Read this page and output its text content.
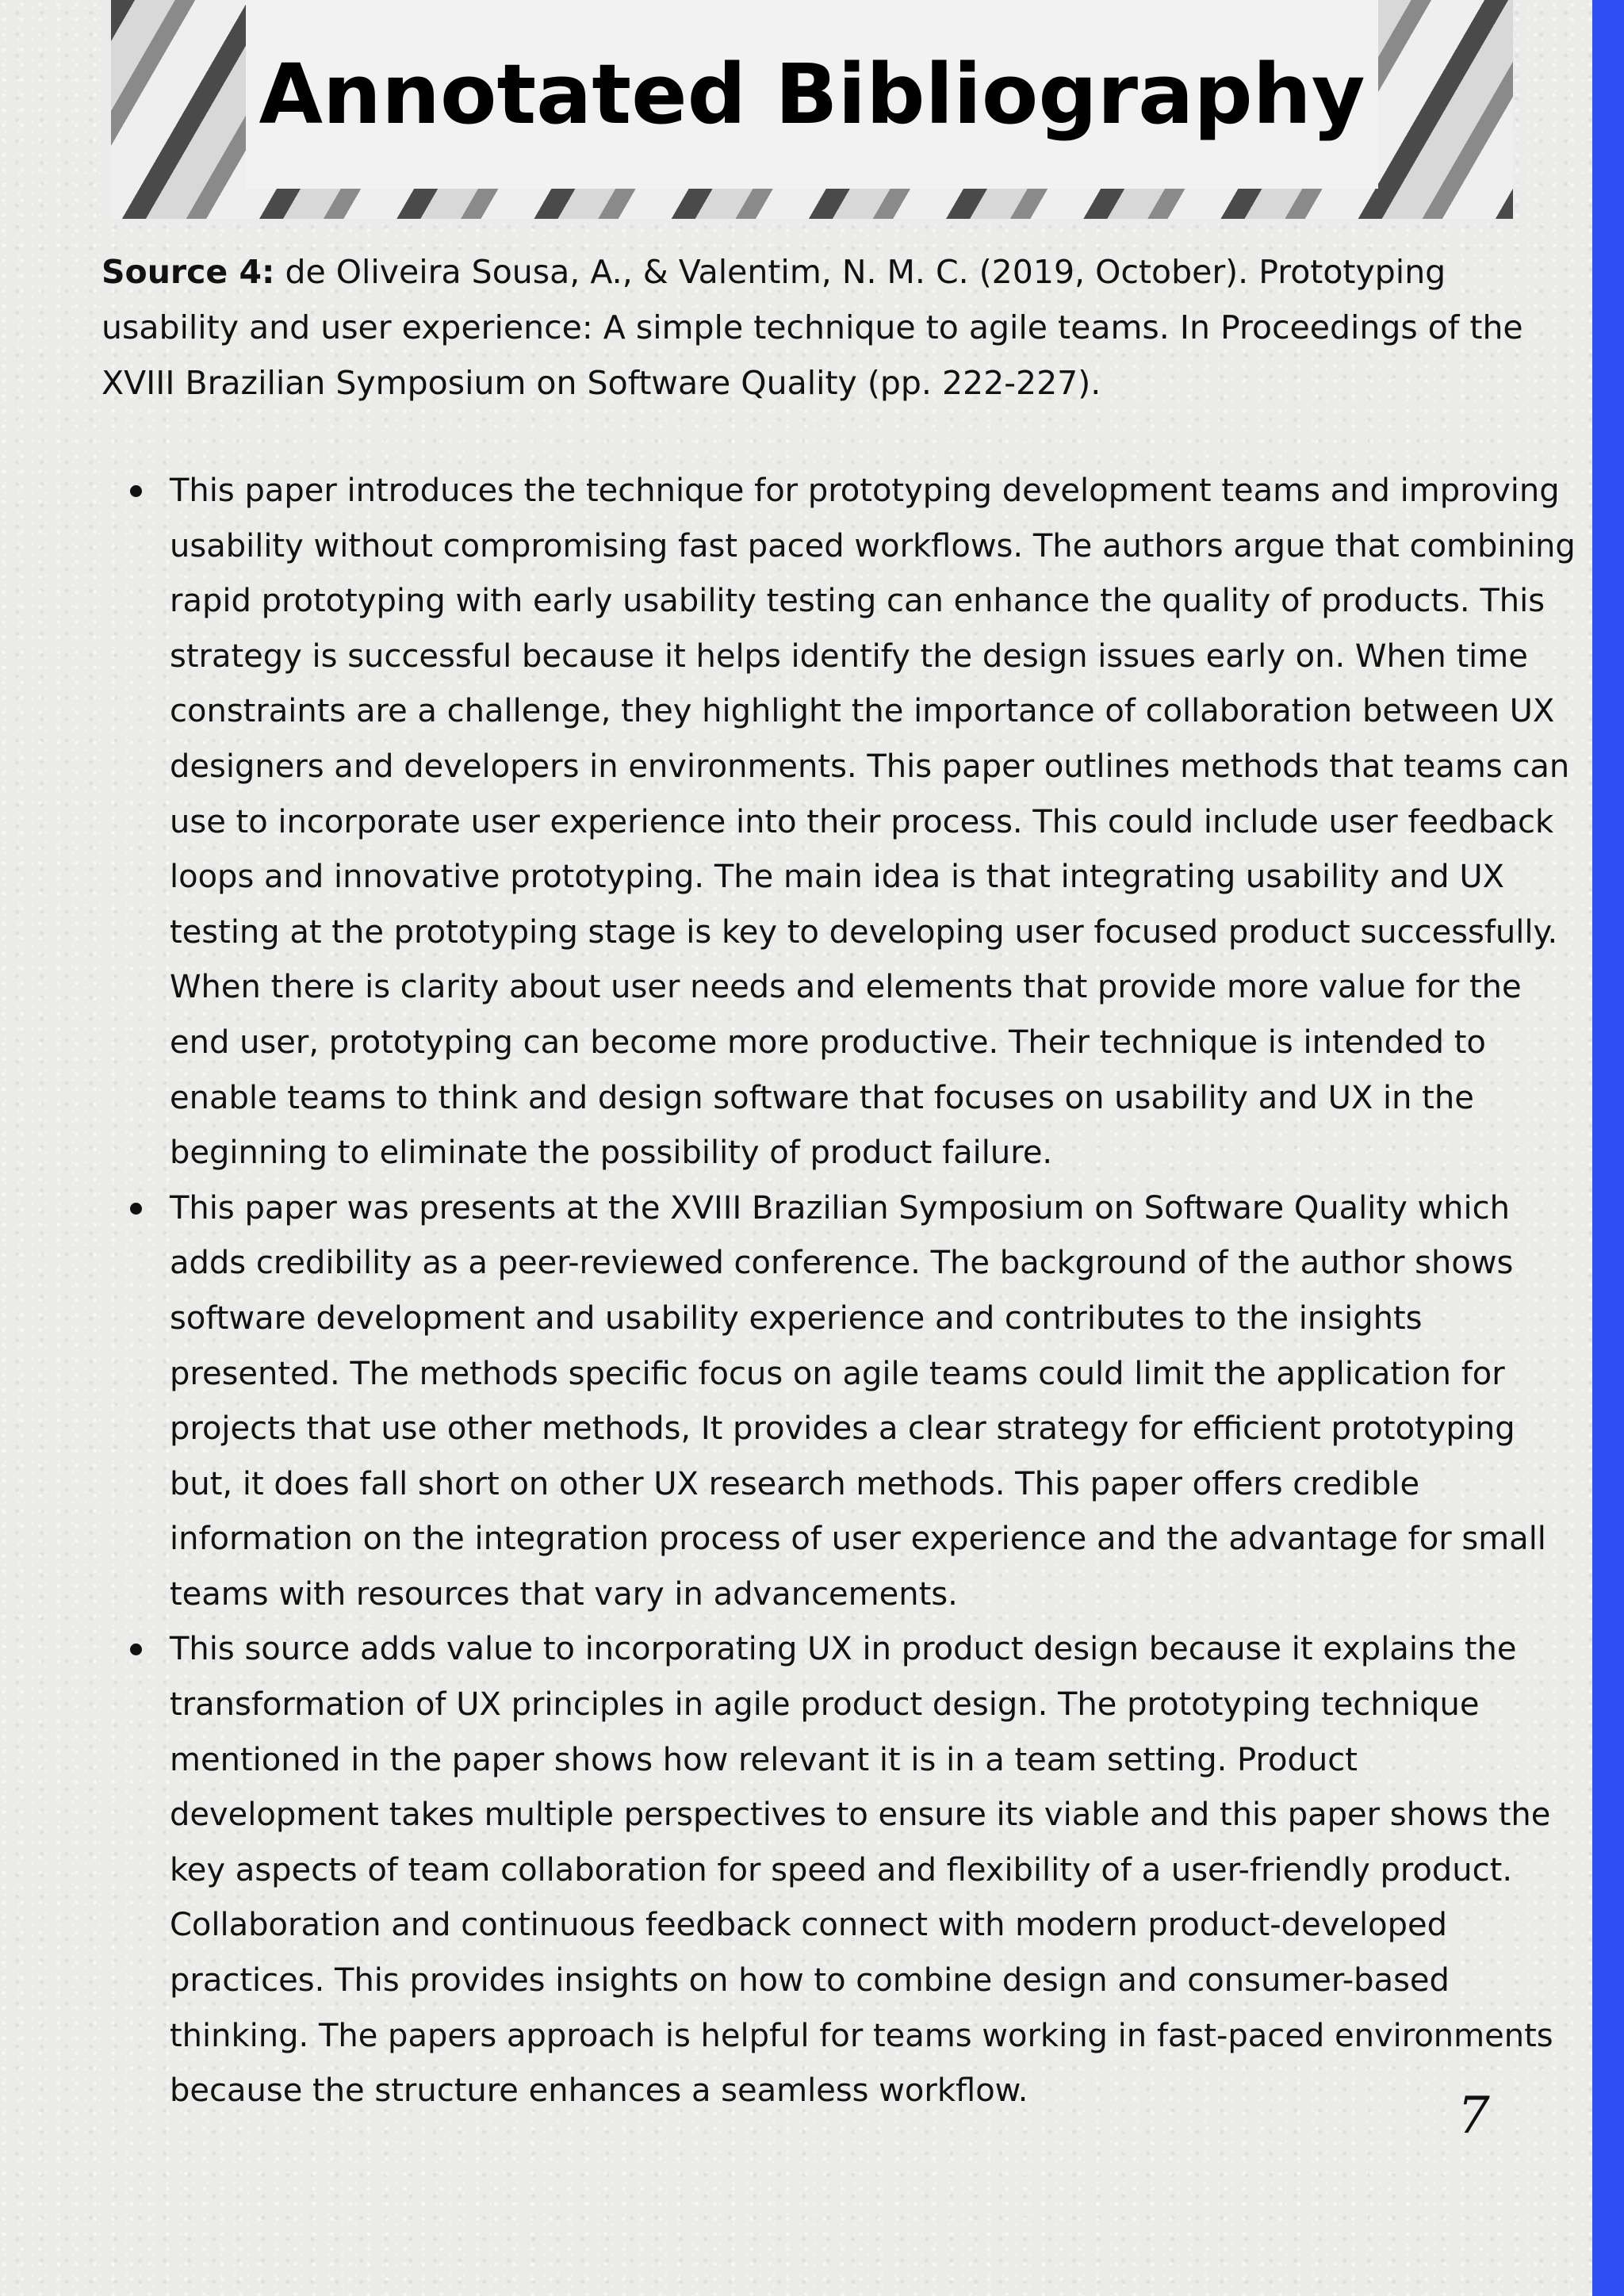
Annotated Bibliography

Source 4: de Oliveira Sousa, A., & Valentim, N. M. C. (2019, October). Prototyping usability and user experience: A simple technique to agile teams. In Proceedings of the XVIII Brazilian Symposium on Software Quality (pp. 222-227).

This paper introduces the technique for prototyping development teams and improving usability without compromising fast paced workflows. The authors argue that combining rapid prototyping with early usability testing can enhance the quality of products. This strategy is successful because it helps identify the design issues early on. When time constraints are a challenge, they highlight the importance of collaboration between UX designers and developers in environments. This paper outlines methods that teams can use to incorporate user experience into their process. This could include user feedback loops and innovative prototyping. The main idea is that integrating usability and UX testing at the prototyping stage is key to developing user focused product successfully. When there is clarity about user needs and elements that provide more value for the end user, prototyping can become more productive. Their technique is intended to enable teams to think and design software that focuses on usability and UX in the beginning to eliminate the possibility of product failure.
This paper was presents at the XVIII Brazilian Symposium on Software Quality which adds credibility as a peer-reviewed conference. The background of the author shows software development and usability experience and contributes to the insights presented. The methods specific focus on agile teams could limit the application for projects that use other methods, It provides a clear strategy for efficient prototyping but, it does fall short on other UX research methods. This paper offers credible information on the integration process of user experience and the advantage for small teams with resources that vary in advancements.
This source adds value to incorporating UX in product design because it explains the transformation of UX principles in agile product design. The prototyping technique mentioned in the paper shows how relevant it is in a team setting. Product development takes multiple perspectives to ensure its viable and this paper shows the key aspects of team collaboration for speed and flexibility of a user-friendly product. Collaboration and continuous feedback connect with modern product-developed practices. This provides insights on how to combine design and consumer-based thinking. The papers approach is helpful for teams working in fast-paced environments because the structure enhances a seamless workflow.	7
